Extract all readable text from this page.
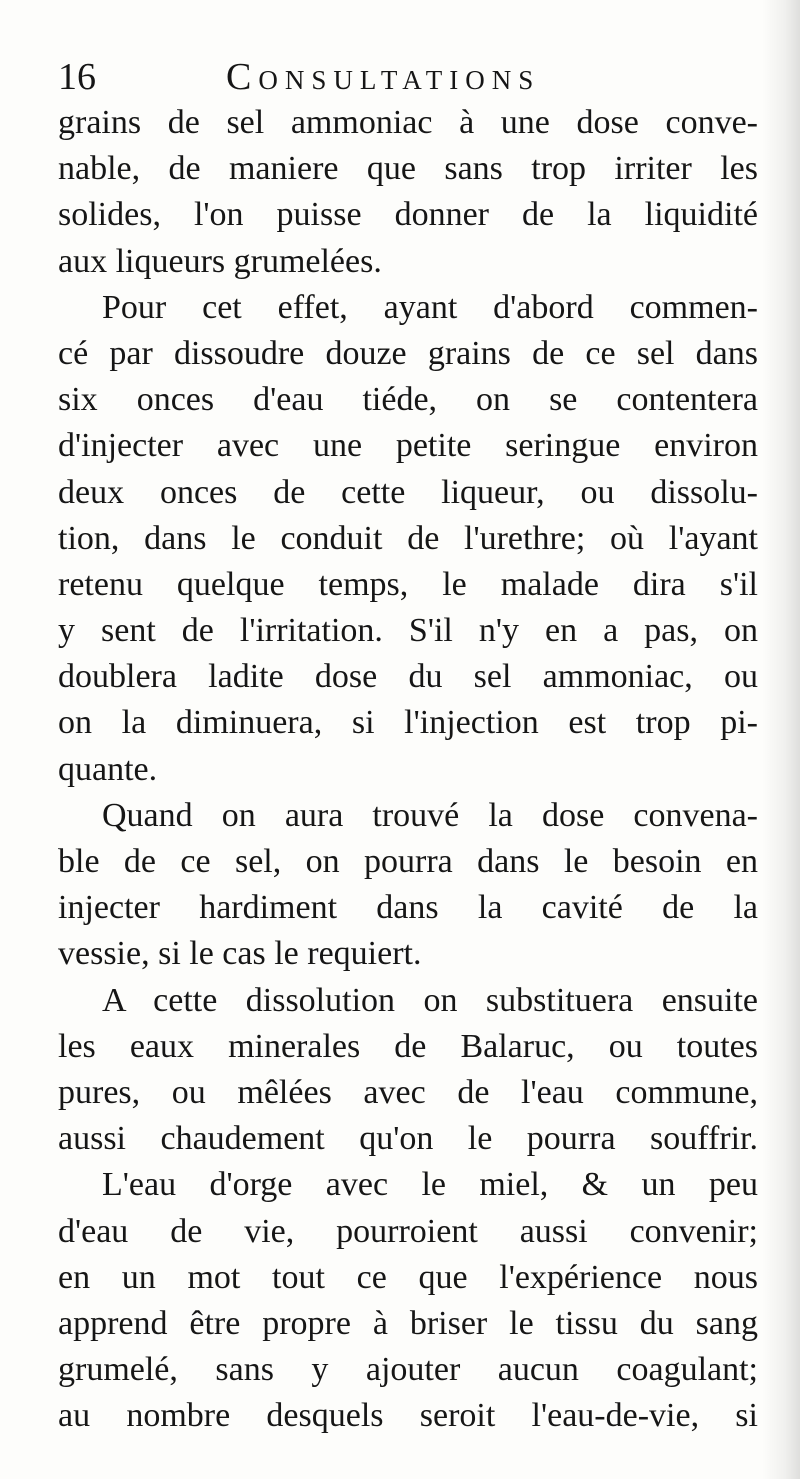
16	Consultations
grains de sel ammoniac à une dose conve-
nable, de maniere que sans trop irriter les
solides, l'on puisse donner de la liquidité
aux liqueurs grumelées.
Pour cet effet, ayant d'abord commen-
cé par dissoudre douze grains de ce sel dans
six onces d'eau tiéde, on se contentera
d'injecter avec une petite seringue environ
deux onces de cette liqueur, ou dissolu-
tion, dans le conduit de l'urethre; où l'ayant
retenu quelque temps, le malade dira s'il
y sent de l'irritation. S'il n'y en a pas, on
doublera ladite dose du sel ammoniac, ou
on la diminuera, si l'injection est trop pi-
quante.
Quand on aura trouvé la dose convena-
ble de ce sel, on pourra dans le besoin en
injecter hardiment dans la cavité de la
vessie, si le cas le requiert.
A cette dissolution on substituera ensuite
les eaux minerales de Balaruc, ou toutes
pures, ou mêlées avec de l'eau commune,
aussi chaudement qu'on le pourra souffrir.
L'eau d'orge avec le miel, & un peu
d'eau de vie, pourroient aussi convenir;
en un mot tout ce que l'expérience nous
apprend être propre à briser le tissu du sang
grumelé, sans y ajouter aucun coagulant;
au nombre desquels seroit l'eau-de-vie, si
